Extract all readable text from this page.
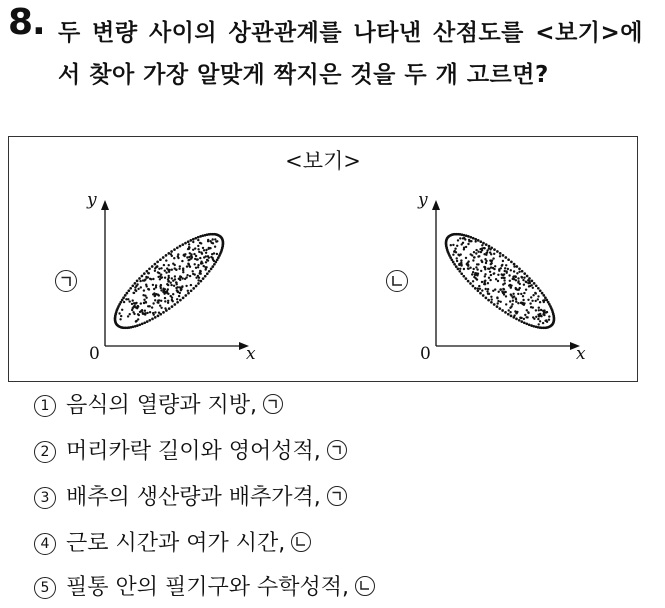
8. 두 변량 사이의 상관관계를 나타낸 산점도를 <보기>에서 찾아 가장 알맞게 짝지은 것을 두 개 고르면?
<보기>
y
x
0
y
x
0
1 음식의 열량과 지방,
2 머리카락 길이와 영어성적,
3 배추의 생산량과 배추가격,
4 근로 시간과 여가 시간,
5 필통 안의 필기구와 수학성적,
